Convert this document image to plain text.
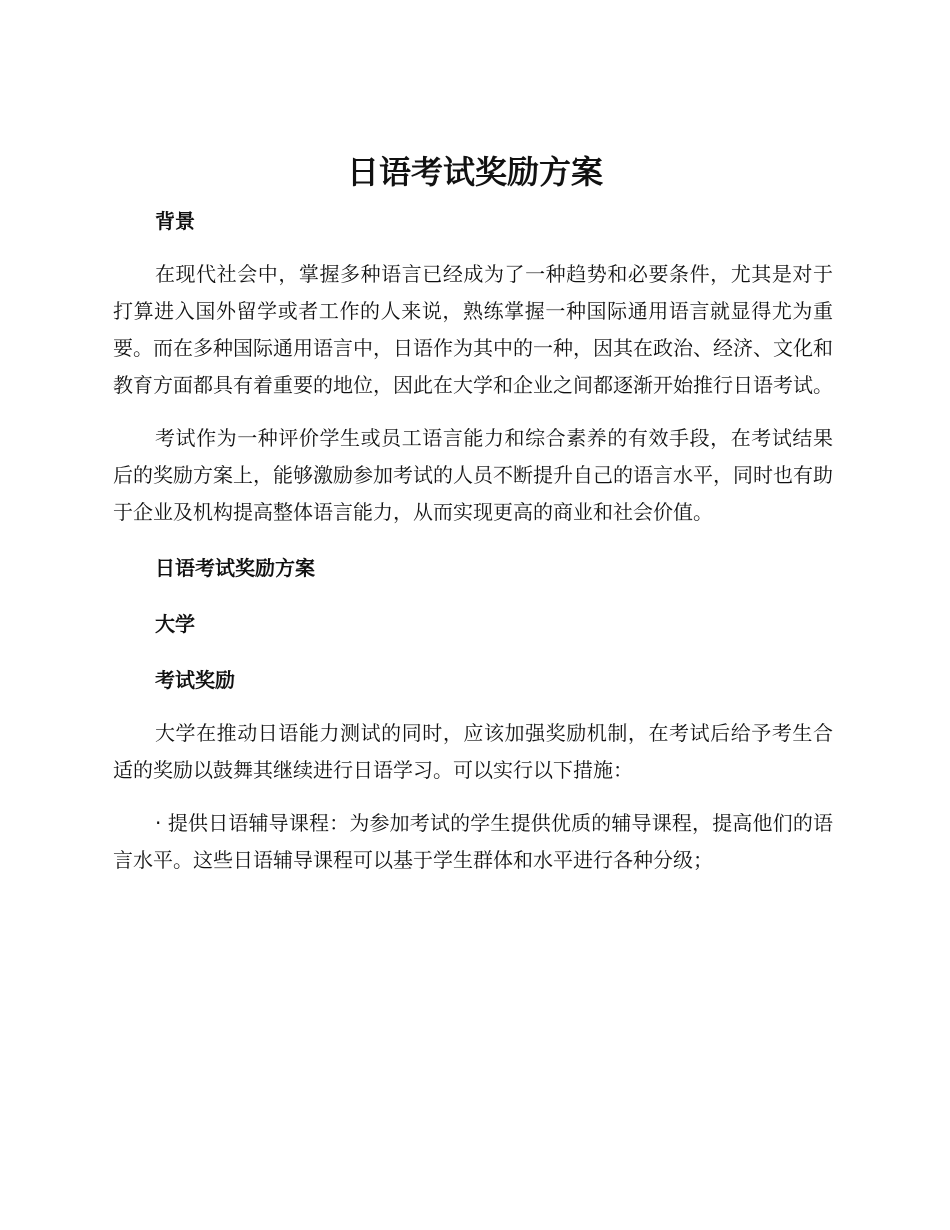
日语考试奖励方案
背景

在现代社会中，掌握多种语言已经成为了一种趋势和必要条件，尤其是对于打算进入国外留学或者工作的人来说，熟练掌握一种国际通用语言就显得尤为重要。而在多种国际通用语言中，日语作为其中的一种，因其在政治、经济、文化和教育方面都具有着重要的地位，因此在大学和企业之间都逐渐开始推行日语考试。

考试作为一种评价学生或员工语言能力和综合素养的有效手段，在考试结果后的奖励方案上，能够激励参加考试的人员不断提升自己的语言水平，同时也有助于企业及机构提高整体语言能力，从而实现更高的商业和社会价值。

日语考试奖励方案
大学
考试奖励

大学在推动日语能力测试的同时，应该加强奖励机制，在考试后给予考生合适的奖励以鼓舞其继续进行日语学习。可以实行以下措施：

· 提供日语辅导课程：为参加考试的学生提供优质的辅导课程，提高他们的语言水平。这些日语辅导课程可以基于学生群体和水平进行各种分级；
